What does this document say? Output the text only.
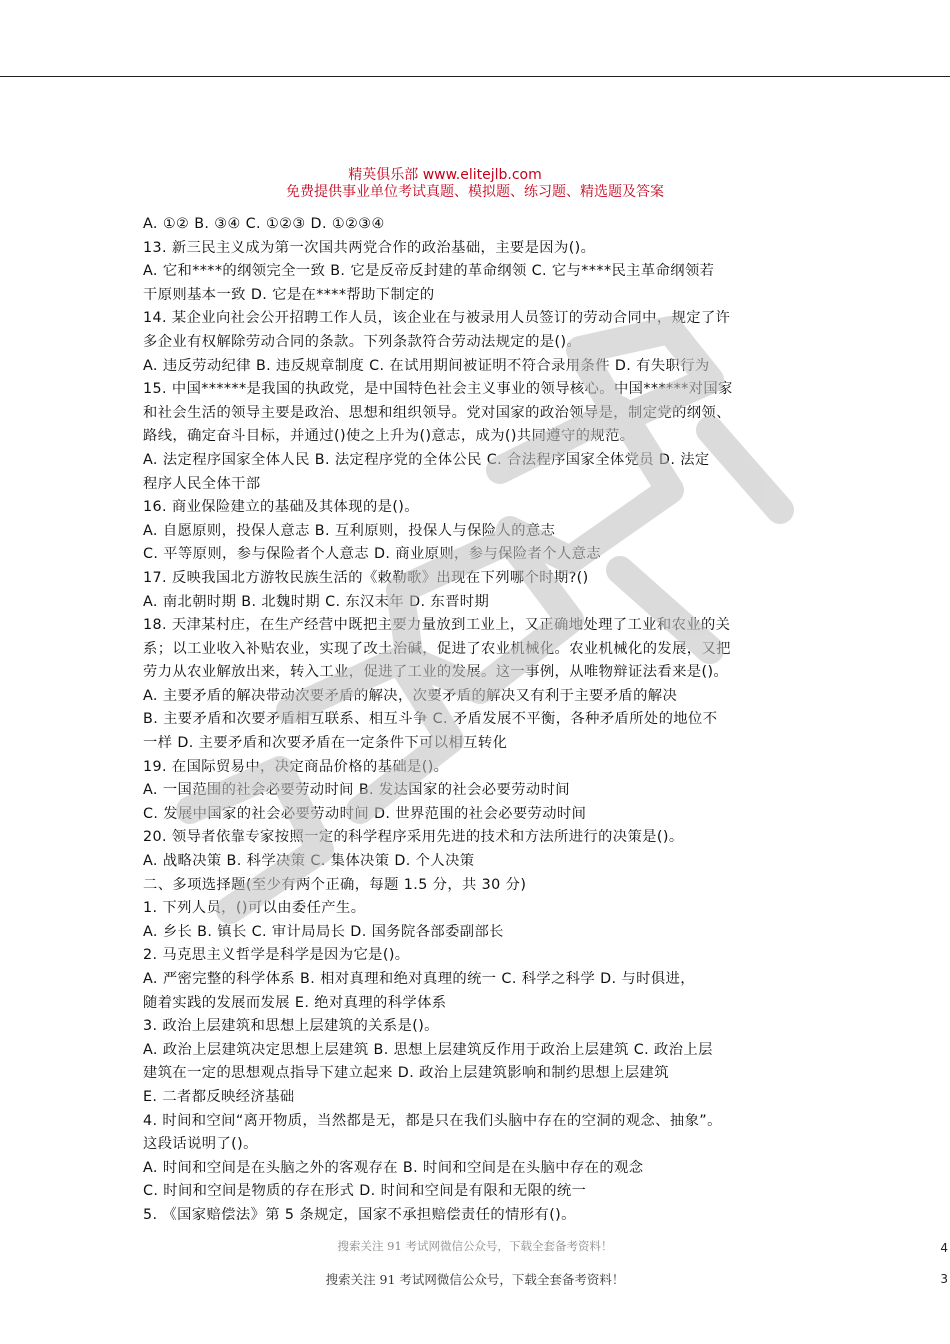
精英俱乐部 www.elitejlb.com
免费提供事业单位考试真题、模拟题、练习题、精选题及答案
A. ①② B. ③④ C. ①②③ D. ①②③④
13. 新三民主义成为第一次国共两党合作的政治基础，主要是因为()。
A. 它和****的纲领完全一致 B. 它是反帝反封建的革命纲领 C. 它与****民主革命纲领若
干原则基本一致 D. 它是在****帮助下制定的
14. 某企业向社会公开招聘工作人员，该企业在与被录用人员签订的劳动合同中，规定了许
多企业有权解除劳动合同的条款。下列条款符合劳动法规定的是()。
A. 违反劳动纪律 B. 违反规章制度 C. 在试用期间被证明不符合录用条件 D. 有失职行为
15. 中国******是我国的执政党，是中国特色社会主义事业的领导核心。中国******对国家
和社会生活的领导主要是政治、思想和组织领导。党对国家的政治领导是，制定党的纲领、
路线，确定奋斗目标，并通过()使之上升为()意志，成为()共同遵守的规范。
A. 法定程序国家全体人民 B. 法定程序党的全体公民 C. 合法程序国家全体党员 D. 法定
程序人民全体干部
16. 商业保险建立的基础及其体现的是()。
A. 自愿原则，投保人意志 B. 互利原则，投保人与保险人的意志
C. 平等原则，参与保险者个人意志 D. 商业原则，参与保险者个人意志
17. 反映我国北方游牧民族生活的《敕勒歌》出现在下列哪个时期?()
A. 南北朝时期 B. 北魏时期 C. 东汉末年 D. 东晋时期
18. 天津某村庄，在生产经营中既把主要力量放到工业上，又正确地处理了工业和农业的关
系；以工业收入补贴农业，实现了改土治碱，促进了农业机械化。农业机械化的发展，又把
劳力从农业解放出来，转入工业，促进了工业的发展。这一事例，从唯物辩证法看来是()。
A. 主要矛盾的解决带动次要矛盾的解决，次要矛盾的解决又有利于主要矛盾的解决
B. 主要矛盾和次要矛盾相互联系、相互斗争 C. 矛盾发展不平衡，各种矛盾所处的地位不
一样 D. 主要矛盾和次要矛盾在一定条件下可以相互转化
19. 在国际贸易中，决定商品价格的基础是()。
A. 一国范围的社会必要劳动时间 B. 发达国家的社会必要劳动时间
C. 发展中国家的社会必要劳动时间 D. 世界范围的社会必要劳动时间
20. 领导者依靠专家按照一定的科学程序采用先进的技术和方法所进行的决策是()。
A. 战略决策 B. 科学决策 C. 集体决策 D. 个人决策
二、多项选择题(至少有两个正确，每题 1.5 分，共 30 分)
1. 下列人员，()可以由委任产生。
A. 乡长 B. 镇长 C. 审计局局长 D. 国务院各部委副部长
2. 马克思主义哲学是科学是因为它是()。
A. 严密完整的科学体系 B. 相对真理和绝对真理的统一 C. 科学之科学 D. 与时俱进，
随着实践的发展而发展 E. 绝对真理的科学体系
3. 政治上层建筑和思想上层建筑的关系是()。
A. 政治上层建筑决定思想上层建筑 B. 思想上层建筑反作用于政治上层建筑 C. 政治上层
建筑在一定的思想观点指导下建立起来 D. 政治上层建筑影响和制约思想上层建筑
E. 二者都反映经济基础
4. 时间和空间“离开物质，当然都是无，都是只在我们头脑中存在的空洞的观念、抽象”。
这段话说明了()。
A. 时间和空间是在头脑之外的客观存在 B. 时间和空间是在头脑中存在的观念
C. 时间和空间是物质的存在形式 D. 时间和空间是有限和无限的统一
5. 《国家赔偿法》第 5 条规定，国家不承担赔偿责任的情形有()。
搜索关注 91 考试网微信公众号，下载全套备考资料！	4
搜索关注 91 考试网微信公众号，下载全套备考资料！	3
